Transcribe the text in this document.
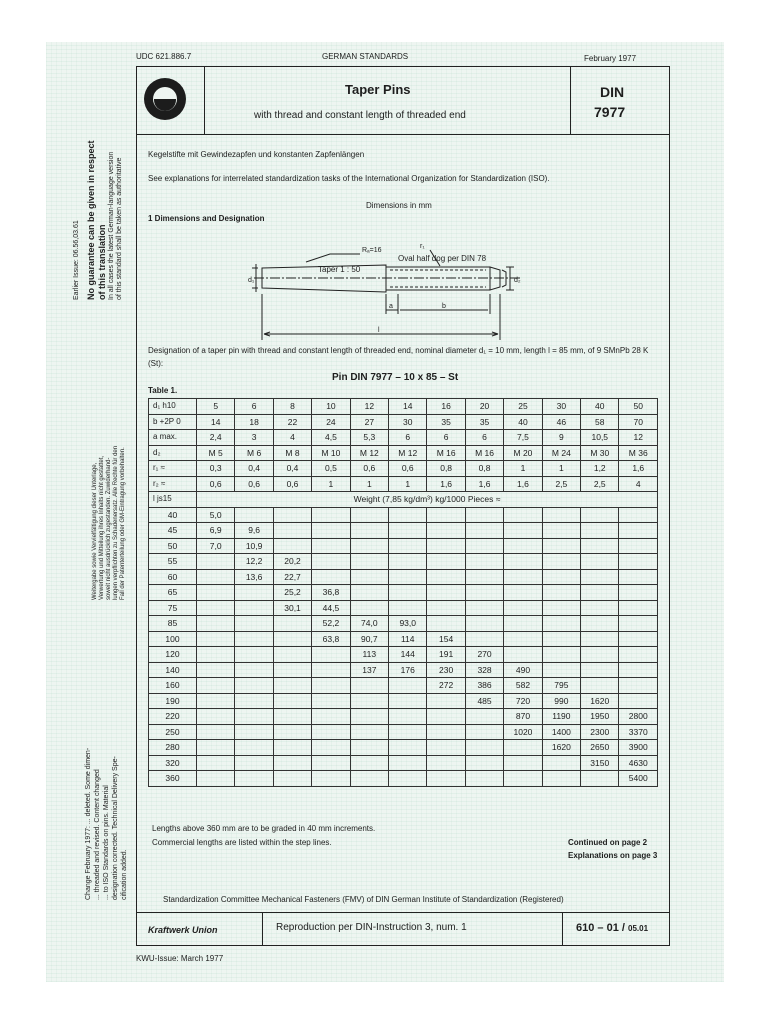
UDC 621.886.7	GERMAN STANDARDS	February 1977
Taper Pins
with thread and constant length of threaded end
DIN
7977
Kegelstifte mit Gewindezapfen und konstanten Zapfenlängen
See explanations for interrelated standardization tasks of the International Organization for Standardization (ISO).
Dimensions in mm
1 Dimensions and Designation
Taper 1 : 50
Rₐ=16
d₁	d₂
r₁
a	b
l
Oval half dog per DIN 78
Designation of a taper pin with thread and constant length of threaded end, nominal diameter d₁ = 10 mm, length l = 85 mm, of 9 SMnPb 28 K (St):
Pin DIN 7977 – 10 x 85 – St
Table 1.
d₁ h10	5	6	8	10	12	14	16	20	25	30	40	50
b +2P 0	14	18	22	24	27	30	35	35	40	46	58	70
a max.	2,4	3	4	4,5	5,3	6	6	6	7,5	9	10,5	12
d₂	M 5	M 6	M 8	M 10	M 12	M 12	M 16	M 16	M 20	M 24	M 30	M 36
r₁ ≈	0,3	0,4	0,4	0,5	0,6	0,6	0,8	0,8	1	1	1,2	1,6
r₂ ≈	0,6	0,6	0,6	1	1	1	1,6	1,6	1,6	2,5	2,5	4
l js15	Weight (7,85 kg/dm³) kg/1000 Pieces ≈											
40	5,0											
45	6,9	9,6										
50	7,0	10,9										
55		12,2	20,2									
60		13,6	22,7									
65			25,2	36,8								
75			30,1	44,5								
85				52,2	74,0	93,0						
100				63,8	90,7	114	154					
120					113	144	191	270				
140					137	176	230	328	490			
160							272	386	582	795		
190								485	720	990	1620	
220									870	1190	1950	2800
250									1020	1400	2300	3370
280										1620	2650	3900
320											3150	4630
360												5400
Lengths above 360 mm are to be graded in 40 mm increments.
Commercial lengths are listed within the step lines.	Continued on page 2
Explanations on page 3
Standardization Committee Mechanical Fasteners (FMV) of DIN German Institute of Standardization (Registered)
Kraftwerk Union	Reproduction per DIN-Instruction 3, num. 1	610 – 01 / 05.01
KWU-Issue: March 1977
Earlier Issue: 06.56,03.61 No guarantee can be given in respect of this translation In all cases the latest German-language version of this standard shall be taken as authoritative
Weitergabe sowie Vervielfältigung dieser Unterlage, Verwertung und Mitteilung ihres Inhalts nicht gestattet, soweit nicht ausdrücklich zugestanden. Zuwiderhand- lungen verpflichten zu Schadenersatz. Alle Rechte für den Fall der Patenterteilung oder GM-Eintragung vorbehalten.
Change February 1977: ... deleted. Some dimen- ... threaded and revised. Content changed ... to ISO Standards on pins. Material designation corrected. Technical Delivery Spe- cification added.
